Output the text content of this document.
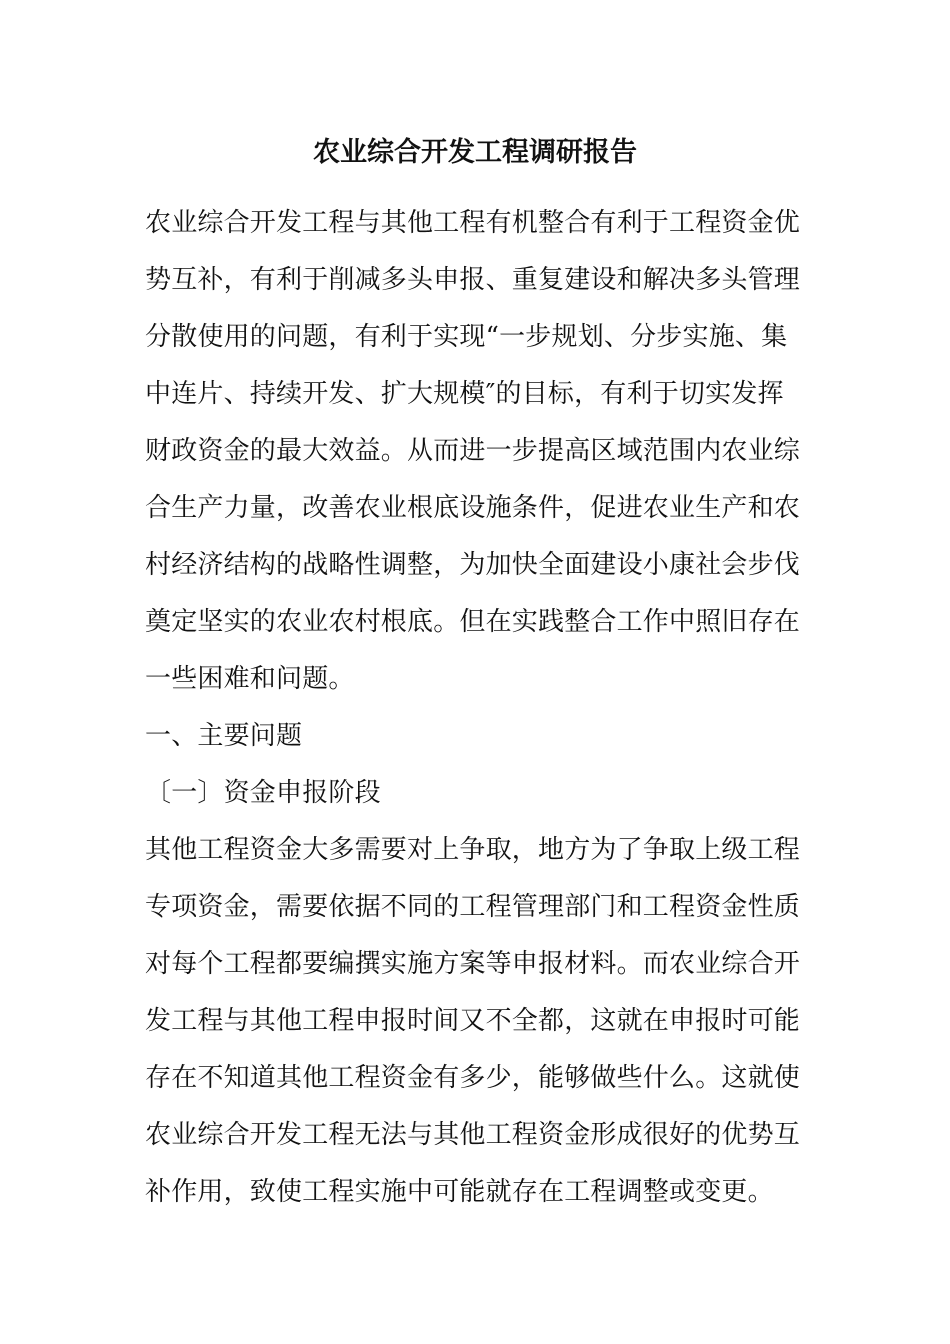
农业综合开发工程调研报告
农业综合开发工程与其他工程有机整合有利于工程资金优
势互补，有利于削减多头申报、重复建设和解决多头管理
分散使用的问题，有利于实现“一步规划、分步实施、集
中连片、持续开发、扩大规模″的目标，有利于切实发挥
财政资金的最大效益。从而进一步提高区域范围内农业综
合生产力量，改善农业根底设施条件，促进农业生产和农
村经济结构的战略性调整，为加快全面建设小康社会步伐
奠定坚实的农业农村根底。但在实践整合工作中照旧存在
一些困难和问题。
一、主要问题
〔一〕资金申报阶段
其他工程资金大多需要对上争取，地方为了争取上级工程
专项资金，需要依据不同的工程管理部门和工程资金性质
对每个工程都要编撰实施方案等申报材料。而农业综合开
发工程与其他工程申报时间又不全都，这就在申报时可能
存在不知道其他工程资金有多少，能够做些什么。这就使
农业综合开发工程无法与其他工程资金形成很好的优势互
补作用，致使工程实施中可能就存在工程调整或变更。
